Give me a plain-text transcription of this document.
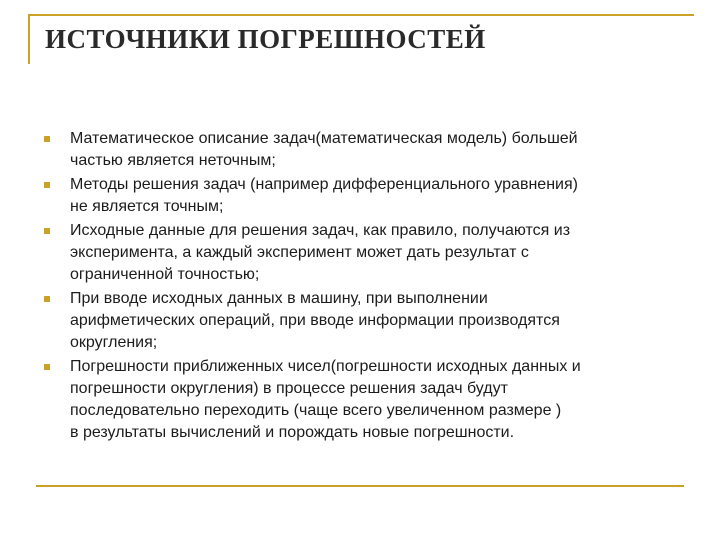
ИСТОЧНИКИ ПОГРЕШНОСТЕЙ
Математическое описание задач(математическая модель) большей
частью является неточным;
Методы решения задач (например дифференциального уравнения)
не является точным;
Исходные данные для решения задач, как правило, получаются из
эксперимента, а каждый эксперимент может дать результат с
ограниченной точностью;
При вводе исходных данных в машину, при выполнении
арифметических операций, при вводе информации производятся
округления;
Погрешности приближенных чисел(погрешности исходных данных и
погрешности округления) в процессе решения задач будут
последовательно переходить (чаще всего увеличенном размере )
в результаты вычислений и порождать новые погрешности.
